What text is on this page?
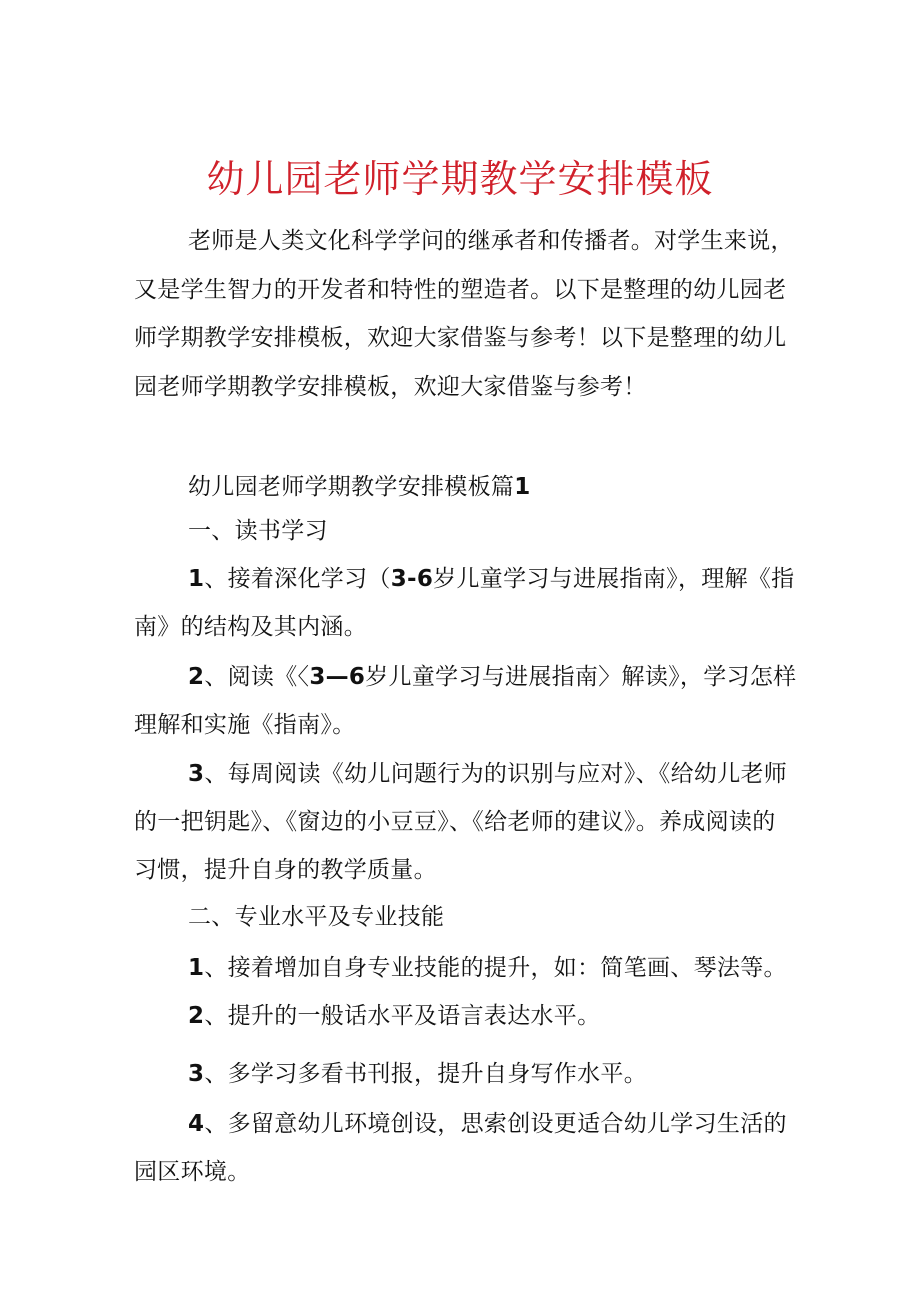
幼儿园老师学期教学安排模板

老师是人类文化科学学问的继承者和传播者。对学生来说，又是学生智力的开发者和特性的塑造者。以下是整理的幼儿园老师学期教学安排模板，欢迎大家借鉴与参考！以下是整理的幼儿园老师学期教学安排模板，欢迎大家借鉴与参考！

幼儿园老师学期教学安排模板篇1

一、读书学习

1、接着深化学习（3-6岁儿童学习与进展指南》，理解《指南》的结构及其内涵。

2、阅读《〈3—6岁儿童学习与进展指南〉解读》，学习怎样理解和实施《指南》。

3、每周阅读《幼儿问题行为的识别与应对》、《给幼儿老师的一把钥匙》、《窗边的小豆豆》、《给老师的建议》。养成阅读的习惯，提升自身的教学质量。

二、专业水平及专业技能

1、接着增加自身专业技能的提升，如：简笔画、琴法等。

2、提升的一般话水平及语言表达水平。

3、多学习多看书刊报，提升自身写作水平。

4、多留意幼儿环境创设，思索创设更适合幼儿学习生活的园区环境。
